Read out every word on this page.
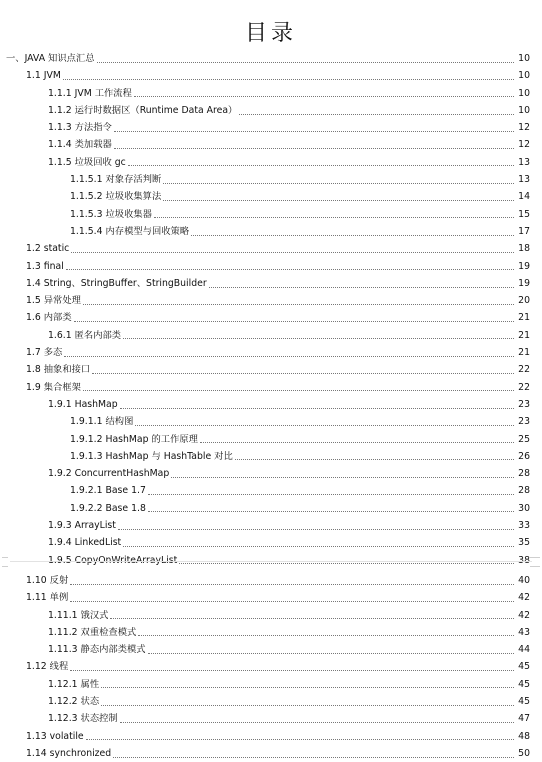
目录
一、JAVA 知识点汇总	10
1.1 JVM	10
1.1.1 JVM 工作流程	10
1.1.2 运行时数据区（Runtime Data Area）	10
1.1.3 方法指令	12
1.1.4 类加载器	12
1.1.5 垃圾回收 gc	13
1.1.5.1 对象存活判断	13
1.1.5.2 垃圾收集算法	14
1.1.5.3 垃圾收集器	15
1.1.5.4 内存模型与回收策略	17
1.2 static	18
1.3 final	19
1.4 String、StringBuffer、StringBuilder	19
1.5 异常处理	20
1.6 内部类	21
1.6.1 匿名内部类	21
1.7 多态	21
1.8 抽象和接口	22
1.9 集合框架	22
1.9.1 HashMap	23
1.9.1.1 结构图	23
1.9.1.2 HashMap 的工作原理	25
1.9.1.3 HashMap 与 HashTable 对比	26
1.9.2 ConcurrentHashMap	28
1.9.2.1 Base 1.7	28
1.9.2.2 Base 1.8	30
1.9.3 ArrayList	33
1.9.4 LinkedList	35
1.9.5 CopyOnWriteArrayList	38
1.10 反射	40
1.11 单例	42
1.11.1 饿汉式	42
1.11.2 双重检查模式	43
1.11.3 静态内部类模式	44
1.12 线程	45
1.12.1 属性	45
1.12.2 状态	45
1.12.3 状态控制	47
1.13 volatile	48
1.14 synchronized	50
